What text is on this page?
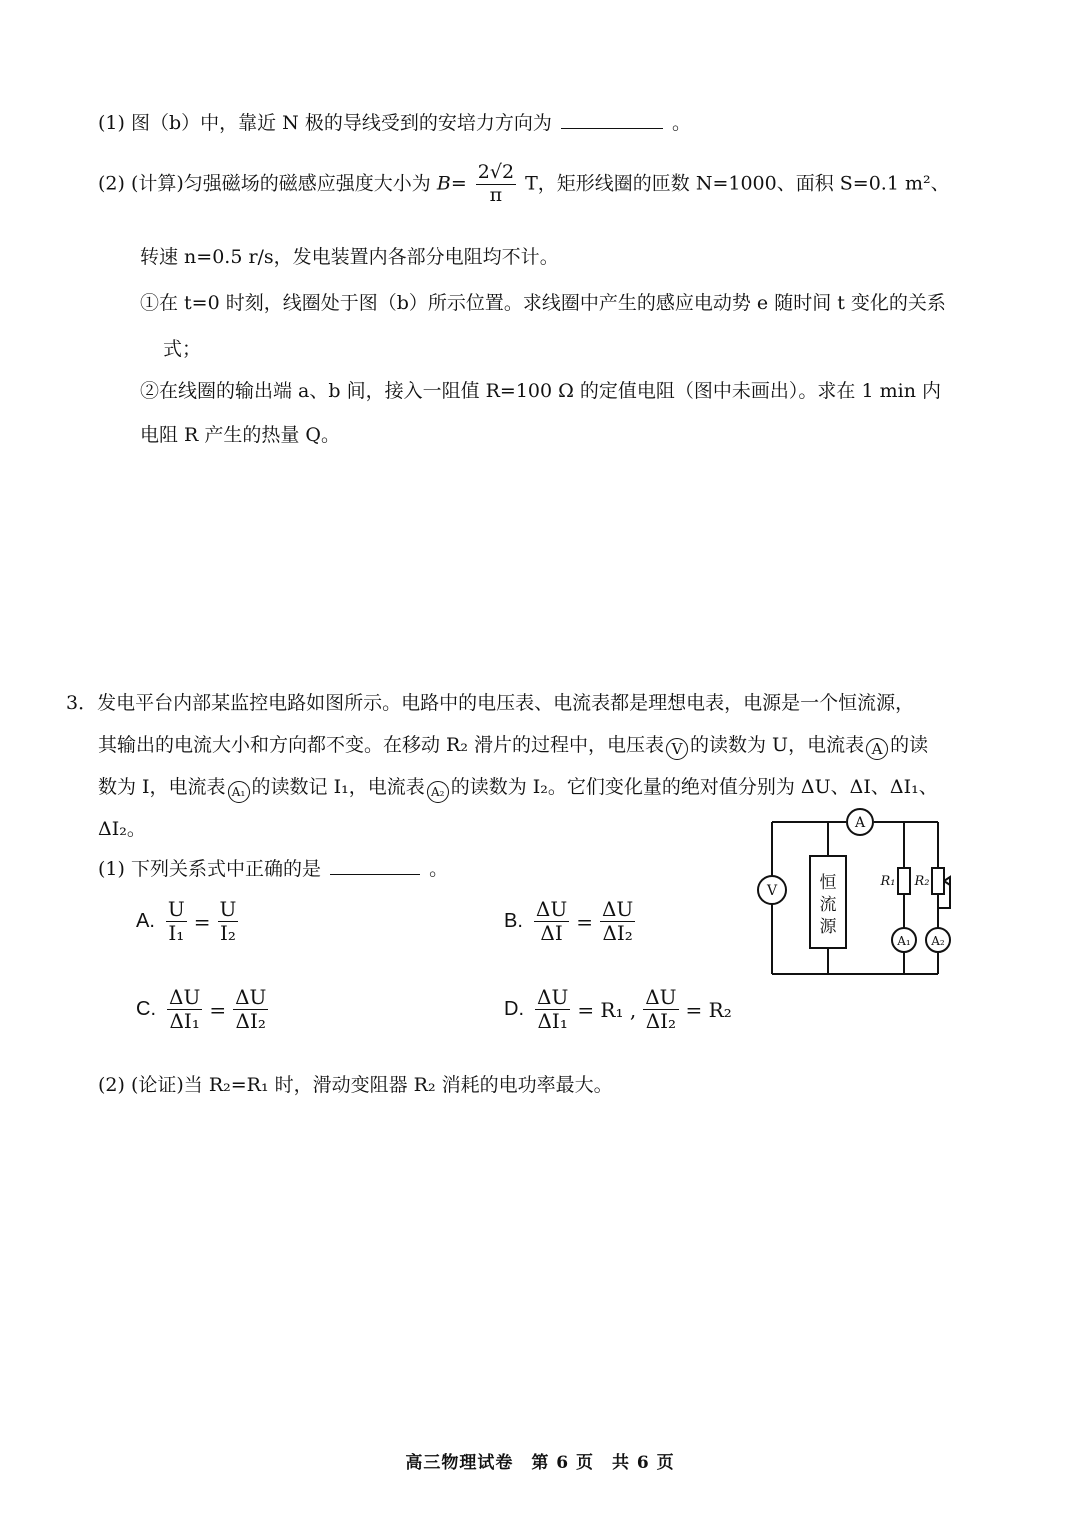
(1) 图（b）中，靠近 N 极的导线受到的安培力方向为	。
(2) (计算)匀强磁场的磁感应强度大小为 $B= \frac{2√2}{\pi}$ T，矩形线圈的匝数 N=1000、面积 S=0.1 m²、
转速 n=0.5 r/s，发电装置内各部分电阻均不计。
①在 t=0 时刻，线圈处于图（b）所示位置。求线圈中产生的感应电动势 e 随时间 t 变化的关系
式；
②在线圈的输出端 a、b 间，接入一阻值 R=100 Ω 的定值电阻（图中未画出）。求在 1 min 内
电阻 R 产生的热量 Q。
3．发电平台内部某监控电路如图所示。电路中的电压表、电流表都是理想电表，电源是一个恒流源，
其输出的电流大小和方向都不变。在移动 R₂ 滑片的过程中，电压表 V 的读数为 U，电流表 A 的读
数为 I，电流表 A₁ 的读数记 I₁，电流表 A₂ 的读数为 I₂。它们变化量的绝对值分别为 ΔU、ΔI、ΔI₁、
ΔI₂。
(1) 下列关系式中正确的是	。
A. $\frac{U}{\text{I₁}} = \frac{U}{\text{I₂}}$	B. $\frac{\Delta U}{\Delta I} = \frac{\Delta U}{\text{ΔI₂}}$
C. $\frac{\Delta U}{\text{ΔI₁}} = \frac{\Delta U}{\text{ΔI₂}}$	D. $\frac{\Delta U}{\text{ΔI₁}} = R_1$ , $\frac{\Delta U}{\text{ΔI₂}} = R_2$
(2) (论证)当 R₂=R₁ 时，滑动变阻器 R₂ 消耗的电功率最大。
A
V
A₁ A₂
恒
流
源
R₁ R₂
高三物理试卷　第 6 页　共 6 页
